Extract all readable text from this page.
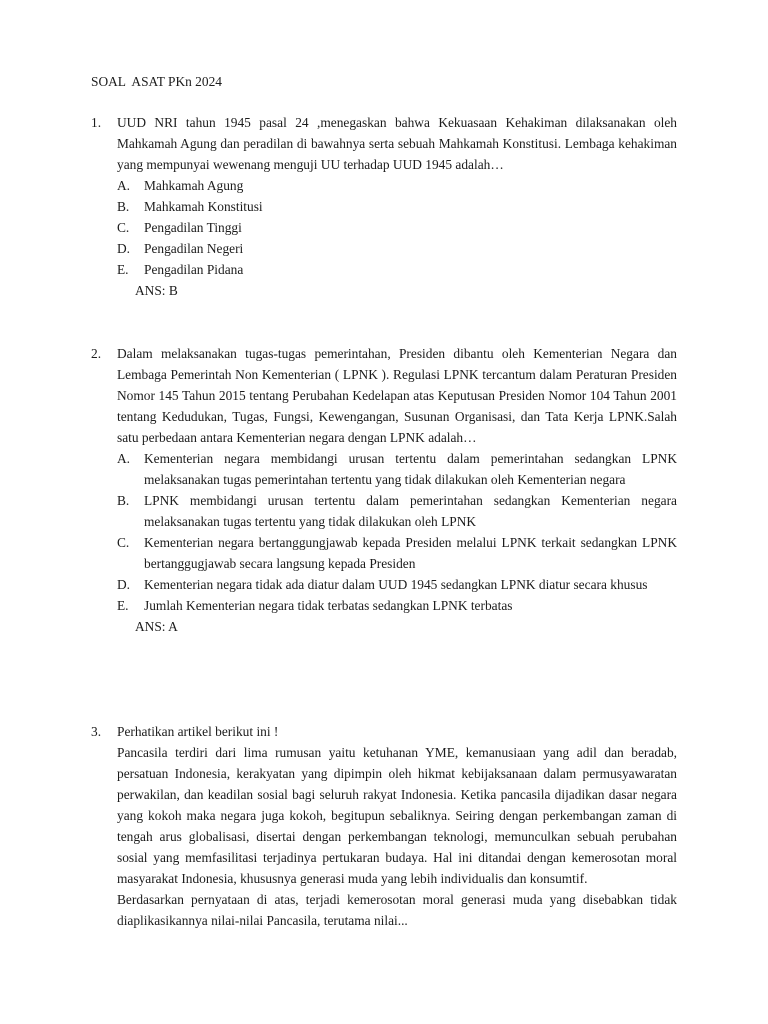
SOAL  ASAT PKn 2024
1. UUD NRI tahun 1945 pasal 24 ,menegaskan bahwa Kekuasaan Kehakiman dilaksanakan oleh Mahkamah Agung dan peradilan di bawahnya serta sebuah Mahkamah Konstitusi. Lembaga kehakiman yang mempunyai wewenang menguji UU terhadap UUD 1945 adalah…
A. Mahkamah Agung
B. Mahkamah Konstitusi
C. Pengadilan Tinggi
D. Pengadilan Negeri
E. Pengadilan Pidana
ANS: B
2. Dalam melaksanakan tugas-tugas pemerintahan, Presiden dibantu oleh Kementerian Negara dan Lembaga Pemerintah Non Kementerian ( LPNK ). Regulasi LPNK tercantum dalam Peraturan Presiden Nomor 145 Tahun 2015 tentang Perubahan Kedelapan atas Keputusan Presiden Nomor 104 Tahun 2001 tentang Kedudukan, Tugas, Fungsi, Kewengangan, Susunan Organisasi, dan Tata Kerja LPNK.Salah satu perbedaan antara Kementerian negara dengan LPNK adalah…
A. Kementerian negara membidangi urusan tertentu dalam pemerintahan sedangkan LPNK melaksanakan tugas pemerintahan tertentu yang tidak dilakukan oleh Kementerian negara
B. LPNK membidangi urusan tertentu dalam pemerintahan sedangkan Kementerian negara melaksanakan tugas tertentu yang tidak dilakukan oleh LPNK
C. Kementerian negara bertanggungjawab kepada Presiden melalui LPNK terkait sedangkan LPNK bertanggugjawab secara langsung kepada Presiden
D. Kementerian negara tidak ada diatur dalam UUD 1945 sedangkan LPNK diatur secara khusus
E. Jumlah Kementerian negara tidak terbatas sedangkan LPNK terbatas
ANS: A
3. Perhatikan artikel berikut ini !
Pancasila terdiri dari lima rumusan yaitu ketuhanan YME, kemanusiaan yang adil dan beradab, persatuan Indonesia, kerakyatan yang dipimpin oleh hikmat kebijaksanaan dalam permusyawaratan perwakilan, dan keadilan sosial bagi seluruh rakyat Indonesia. Ketika pancasila dijadikan dasar negara yang kokoh maka negara juga kokoh, begitupun sebaliknya. Seiring dengan perkembangan zaman di tengah arus globalisasi, disertai dengan perkembangan teknologi, memunculkan sebuah perubahan sosial yang memfasilitasi terjadinya pertukaran budaya. Hal ini ditandai dengan kemerosotan moral masyarakat Indonesia, khususnya generasi muda yang lebih individualis dan konsumtif.
Berdasarkan pernyataan di atas, terjadi kemerosotan moral generasi muda yang disebabkan tidak diaplikasikannya nilai-nilai Pancasila, terutama nilai...
